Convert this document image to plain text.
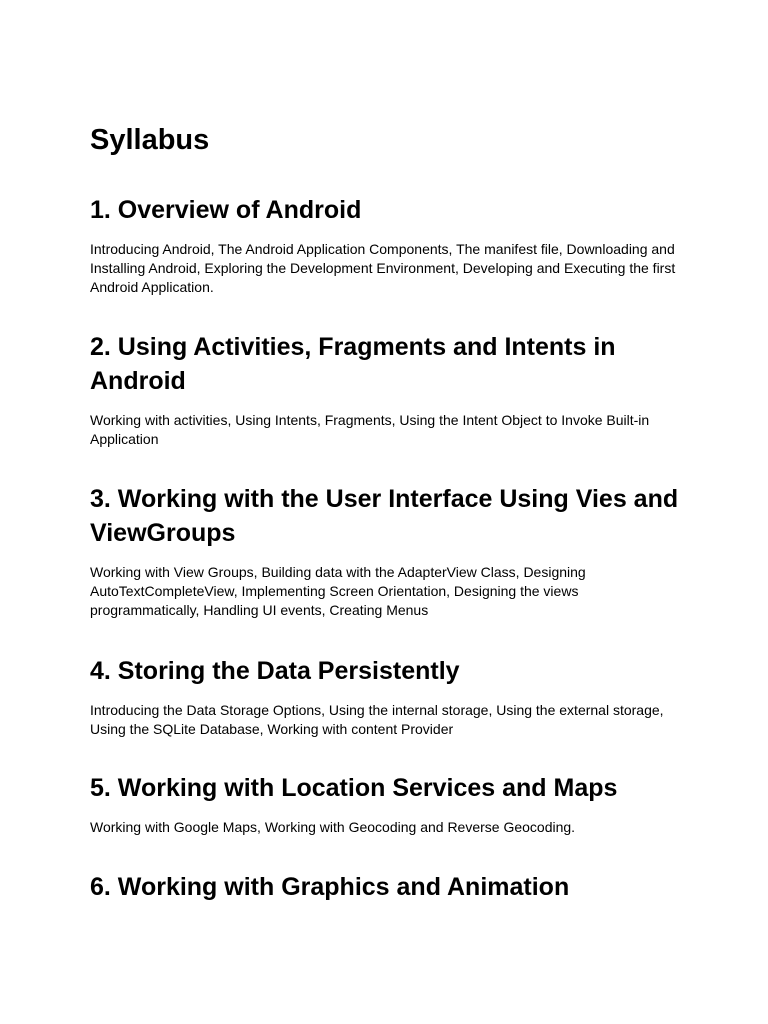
Syllabus
1. Overview of Android

Introducing Android, The Android Application Components, The manifest file, Downloading and Installing Android, Exploring the Development Environment, Developing and Executing the first Android Application.

2. Using Activities, Fragments and Intents in Android

Working with activities, Using Intents, Fragments, Using the Intent Object to Invoke Built-in Application

3. Working with the User Interface Using Vies and ViewGroups

Working with View Groups, Building data with the AdapterView Class, Designing AutoTextCompleteView, Implementing Screen Orientation, Designing the views programmatically, Handling UI events, Creating Menus

4. Storing the Data Persistently

Introducing the Data Storage Options, Using the internal storage, Using the external storage, Using the SQLite Database, Working with content Provider

5. Working with Location Services and Maps

Working with Google Maps, Working with Geocoding and Reverse Geocoding.

6. Working with Graphics and Animation
